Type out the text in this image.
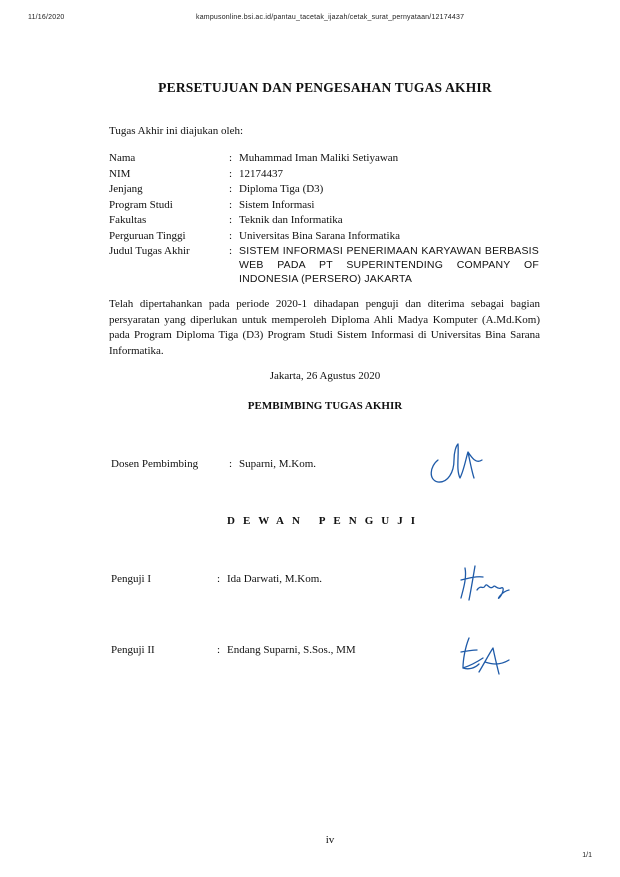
11/16/2020	kampusonline.bsi.ac.id/pantau_tacetak_ijazah/cetak_surat_pernyataan/12174437
PERSETUJUAN DAN PENGESAHAN TUGAS AKHIR
Tugas Akhir ini diajukan oleh:
Nama	: Muhammad Iman Maliki Setiyawan
NIM	: 12174437
Jenjang	: Diploma Tiga (D3)
Program Studi	: Sistem Informasi
Fakultas	: Teknik dan Informatika
Perguruan Tinggi	: Universitas Bina Sarana Informatika
Judul Tugas Akhir	: SISTEM INFORMASI PENERIMAAN KARYAWAN BERBASIS WEB PADA PT SUPERINTENDING COMPANY OF INDONESIA (PERSERO) JAKARTA
Telah dipertahankan pada periode 2020-1 dihadapan penguji dan diterima sebagai bagian persyaratan yang diperlukan untuk memperoleh Diploma Ahli Madya Komputer (A.Md.Kom) pada Program Diploma Tiga (D3) Program Studi Sistem Informasi di Universitas Bina Sarana Informatika.
Jakarta, 26 Agustus 2020
PEMBIMBING TUGAS AKHIR
Dosen Pembimbing	: Suparni, M.Kom.
DEWAN PENGUJI
Penguji I	: Ida Darwati, M.Kom.
Penguji II	: Endang Suparni, S.Sos., MM
iv
1/1
